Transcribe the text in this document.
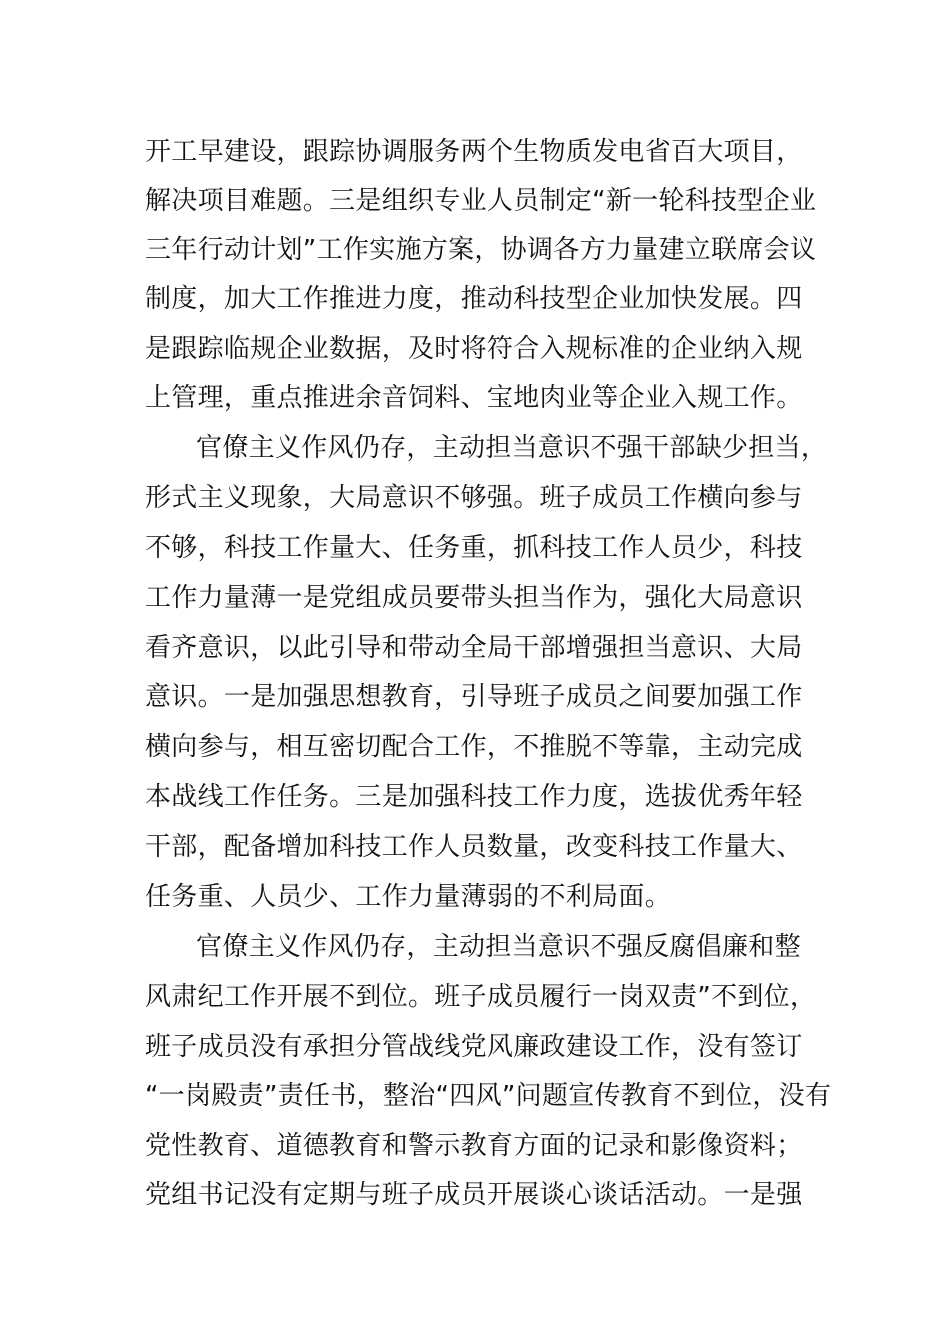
开工早建设，跟踪协调服务两个生物质发电省百大项目，
解决项目难题。三是组织专业人员制定“新一轮科技型企业
三年行动计划”工作实施方案，协调各方力量建立联席会议
制度，加大工作推进力度，推动科技型企业加快发展。四
是跟踪临规企业数据，及时将符合入规标准的企业纳入规
上管理，重点推进余音饲料、宝地肉业等企业入规工作。
官僚主义作风仍存，主动担当意识不强干部缺少担当，
形式主义现象，大局意识不够强。班子成员工作横向参与
不够，科技工作量大、任务重，抓科技工作人员少，科技
工作力量薄一是党组成员要带头担当作为，强化大局意识
看齐意识，以此引导和带动全局干部增强担当意识、大局
意识。一是加强思想教育，引导班子成员之间要加强工作
横向参与，相互密切配合工作，不推脱不等靠，主动完成
本战线工作任务。三是加强科技工作力度，选拔优秀年轻
干部，配备增加科技工作人员数量，改变科技工作量大、
任务重、人员少、工作力量薄弱的不利局面。
官僚主义作风仍存，主动担当意识不强反腐倡廉和整
风肃纪工作开展不到位。班子成员履行一岗双责”不到位，
班子成员没有承担分管战线党风廉政建设工作，没有签订
“一岗殿责”责任书，整治“四风”问题宣传教育不到位，没有
党性教育、道德教育和警示教育方面的记录和影像资料；
党组书记没有定期与班子成员开展谈心谈话活动。一是强
